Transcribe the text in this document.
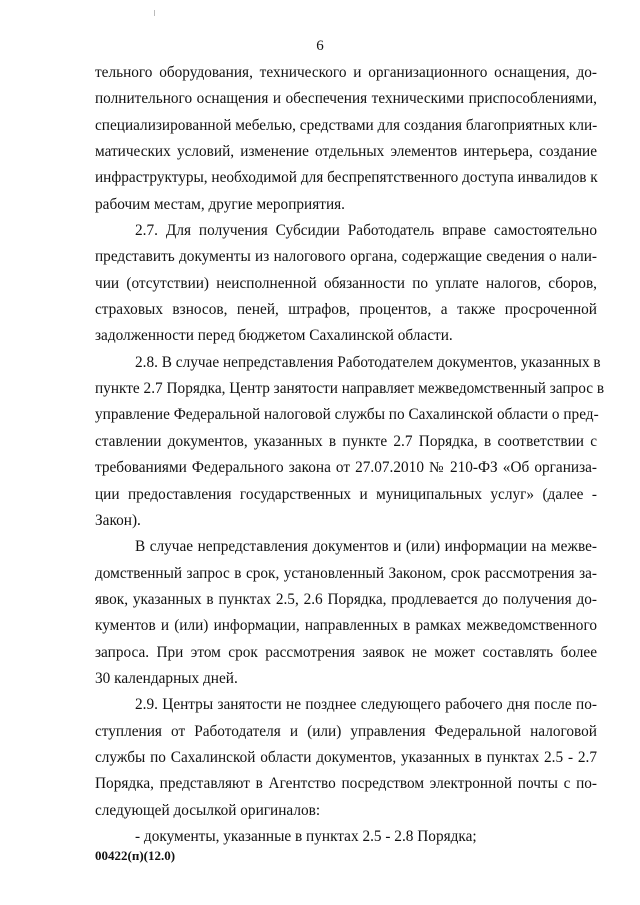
6
тельного оборудования, технического и организационного оснащения, до-
полнительного оснащения и обеспечения техническими приспособлениями,
специализированной мебелью, средствами для создания благоприятных кли-
матических условий, изменение отдельных элементов интерьера, создание
инфраструктуры, необходимой для беспрепятственного доступа инвалидов к
рабочим местам, другие мероприятия.
2.7. Для получения Субсидии Работодатель вправе самостоятельно
представить документы из налогового органа, содержащие сведения о нали-
чии (отсутствии) неисполненной обязанности по уплате налогов, сборов,
страховых взносов, пеней, штрафов, процентов, а также просроченной
задолженности перед бюджетом Сахалинской области.
2.8. В случае непредставления Работодателем документов, указанных в
пункте 2.7 Порядка, Центр занятости направляет межведомственный запрос в
управление Федеральной налоговой службы по Сахалинской области о пред-
ставлении документов, указанных в пункте 2.7 Порядка, в соответствии с
требованиями Федерального закона от 27.07.2010 № 210-ФЗ «Об организа-
ции предоставления государственных и муниципальных услуг» (далее -
Закон).
В случае непредставления документов и (или) информации на межве-
домственный запрос в срок, установленный Законом, срок рассмотрения за-
явок, указанных в пунктах 2.5, 2.6 Порядка, продлевается до получения до-
кументов и (или) информации, направленных в рамках межведомственного
запроса. При этом срок рассмотрения заявок не может составлять более
30 календарных дней.
2.9. Центры занятости не позднее следующего рабочего дня после по-
ступления от Работодателя и (или) управления Федеральной налоговой
службы по Сахалинской области документов, указанных в пунктах 2.5 - 2.7
Порядка, представляют в Агентство посредством электронной почты с по-
следующей досылкой оригиналов:
- документы, указанные в пунктах 2.5 - 2.8 Порядка;
00422(п)(12.0)
